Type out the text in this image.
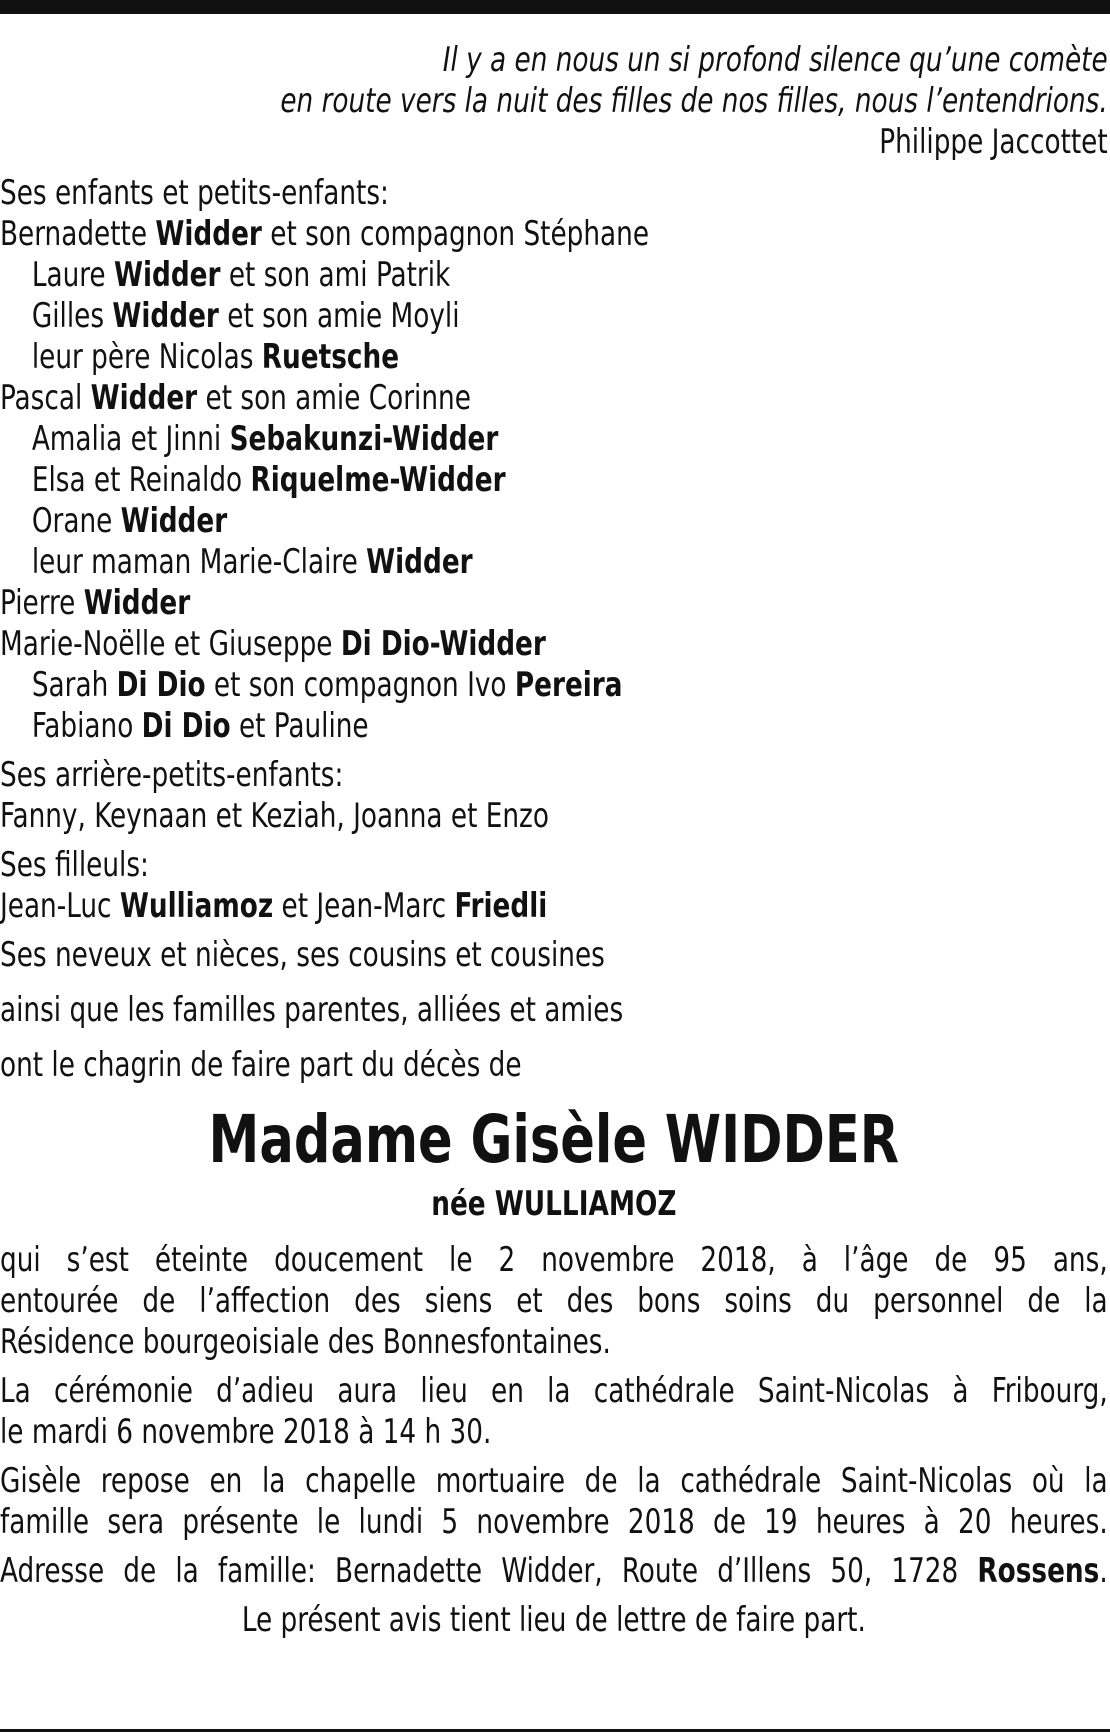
Il y a en nous un si profond silence qu’une comète
en route vers la nuit des filles de nos filles, nous l’entendrions.
Philippe Jaccottet
Ses enfants et petits-enfants:
Bernadette Widder et son compagnon Stéphane
Laure Widder et son ami Patrik
Gilles Widder et son amie Moyli
leur père Nicolas Ruetsche
Pascal Widder et son amie Corinne
Amalia et Jinni Sebakunzi-Widder
Elsa et Reinaldo Riquelme-Widder
Orane Widder
leur maman Marie-Claire Widder
Pierre Widder
Marie-Noëlle et Giuseppe Di Dio-Widder
Sarah Di Dio et son compagnon Ivo Pereira
Fabiano Di Dio et Pauline
Ses arrière-petits-enfants:
Fanny, Keynaan et Keziah, Joanna et Enzo
Ses filleuls:
Jean-Luc Wulliamoz et Jean-Marc Friedli
Ses neveux et nièces, ses cousins et cousines
ainsi que les familles parentes, alliées et amies
ont le chagrin de faire part du décès de
Madame Gisèle WIDDER
née WULLIAMOZ
qui s’est éteinte doucement le 2 novembre 2018, à l’âge de 95 ans,
entourée de l’affection des siens et des bons soins du personnel de la
Résidence bourgeoisiale des Bonnesfontaines.
La cérémonie d’adieu aura lieu en la cathédrale Saint-Nicolas à Fribourg,
le mardi 6 novembre 2018 à 14 h 30.
Gisèle repose en la chapelle mortuaire de la cathédrale Saint-Nicolas où la
famille sera présente le lundi 5 novembre 2018 de 19 heures à 20 heures.
Adresse de la famille: Bernadette Widder, Route d’Illens 50, 1728 Rossens.
Le présent avis tient lieu de lettre de faire part.
